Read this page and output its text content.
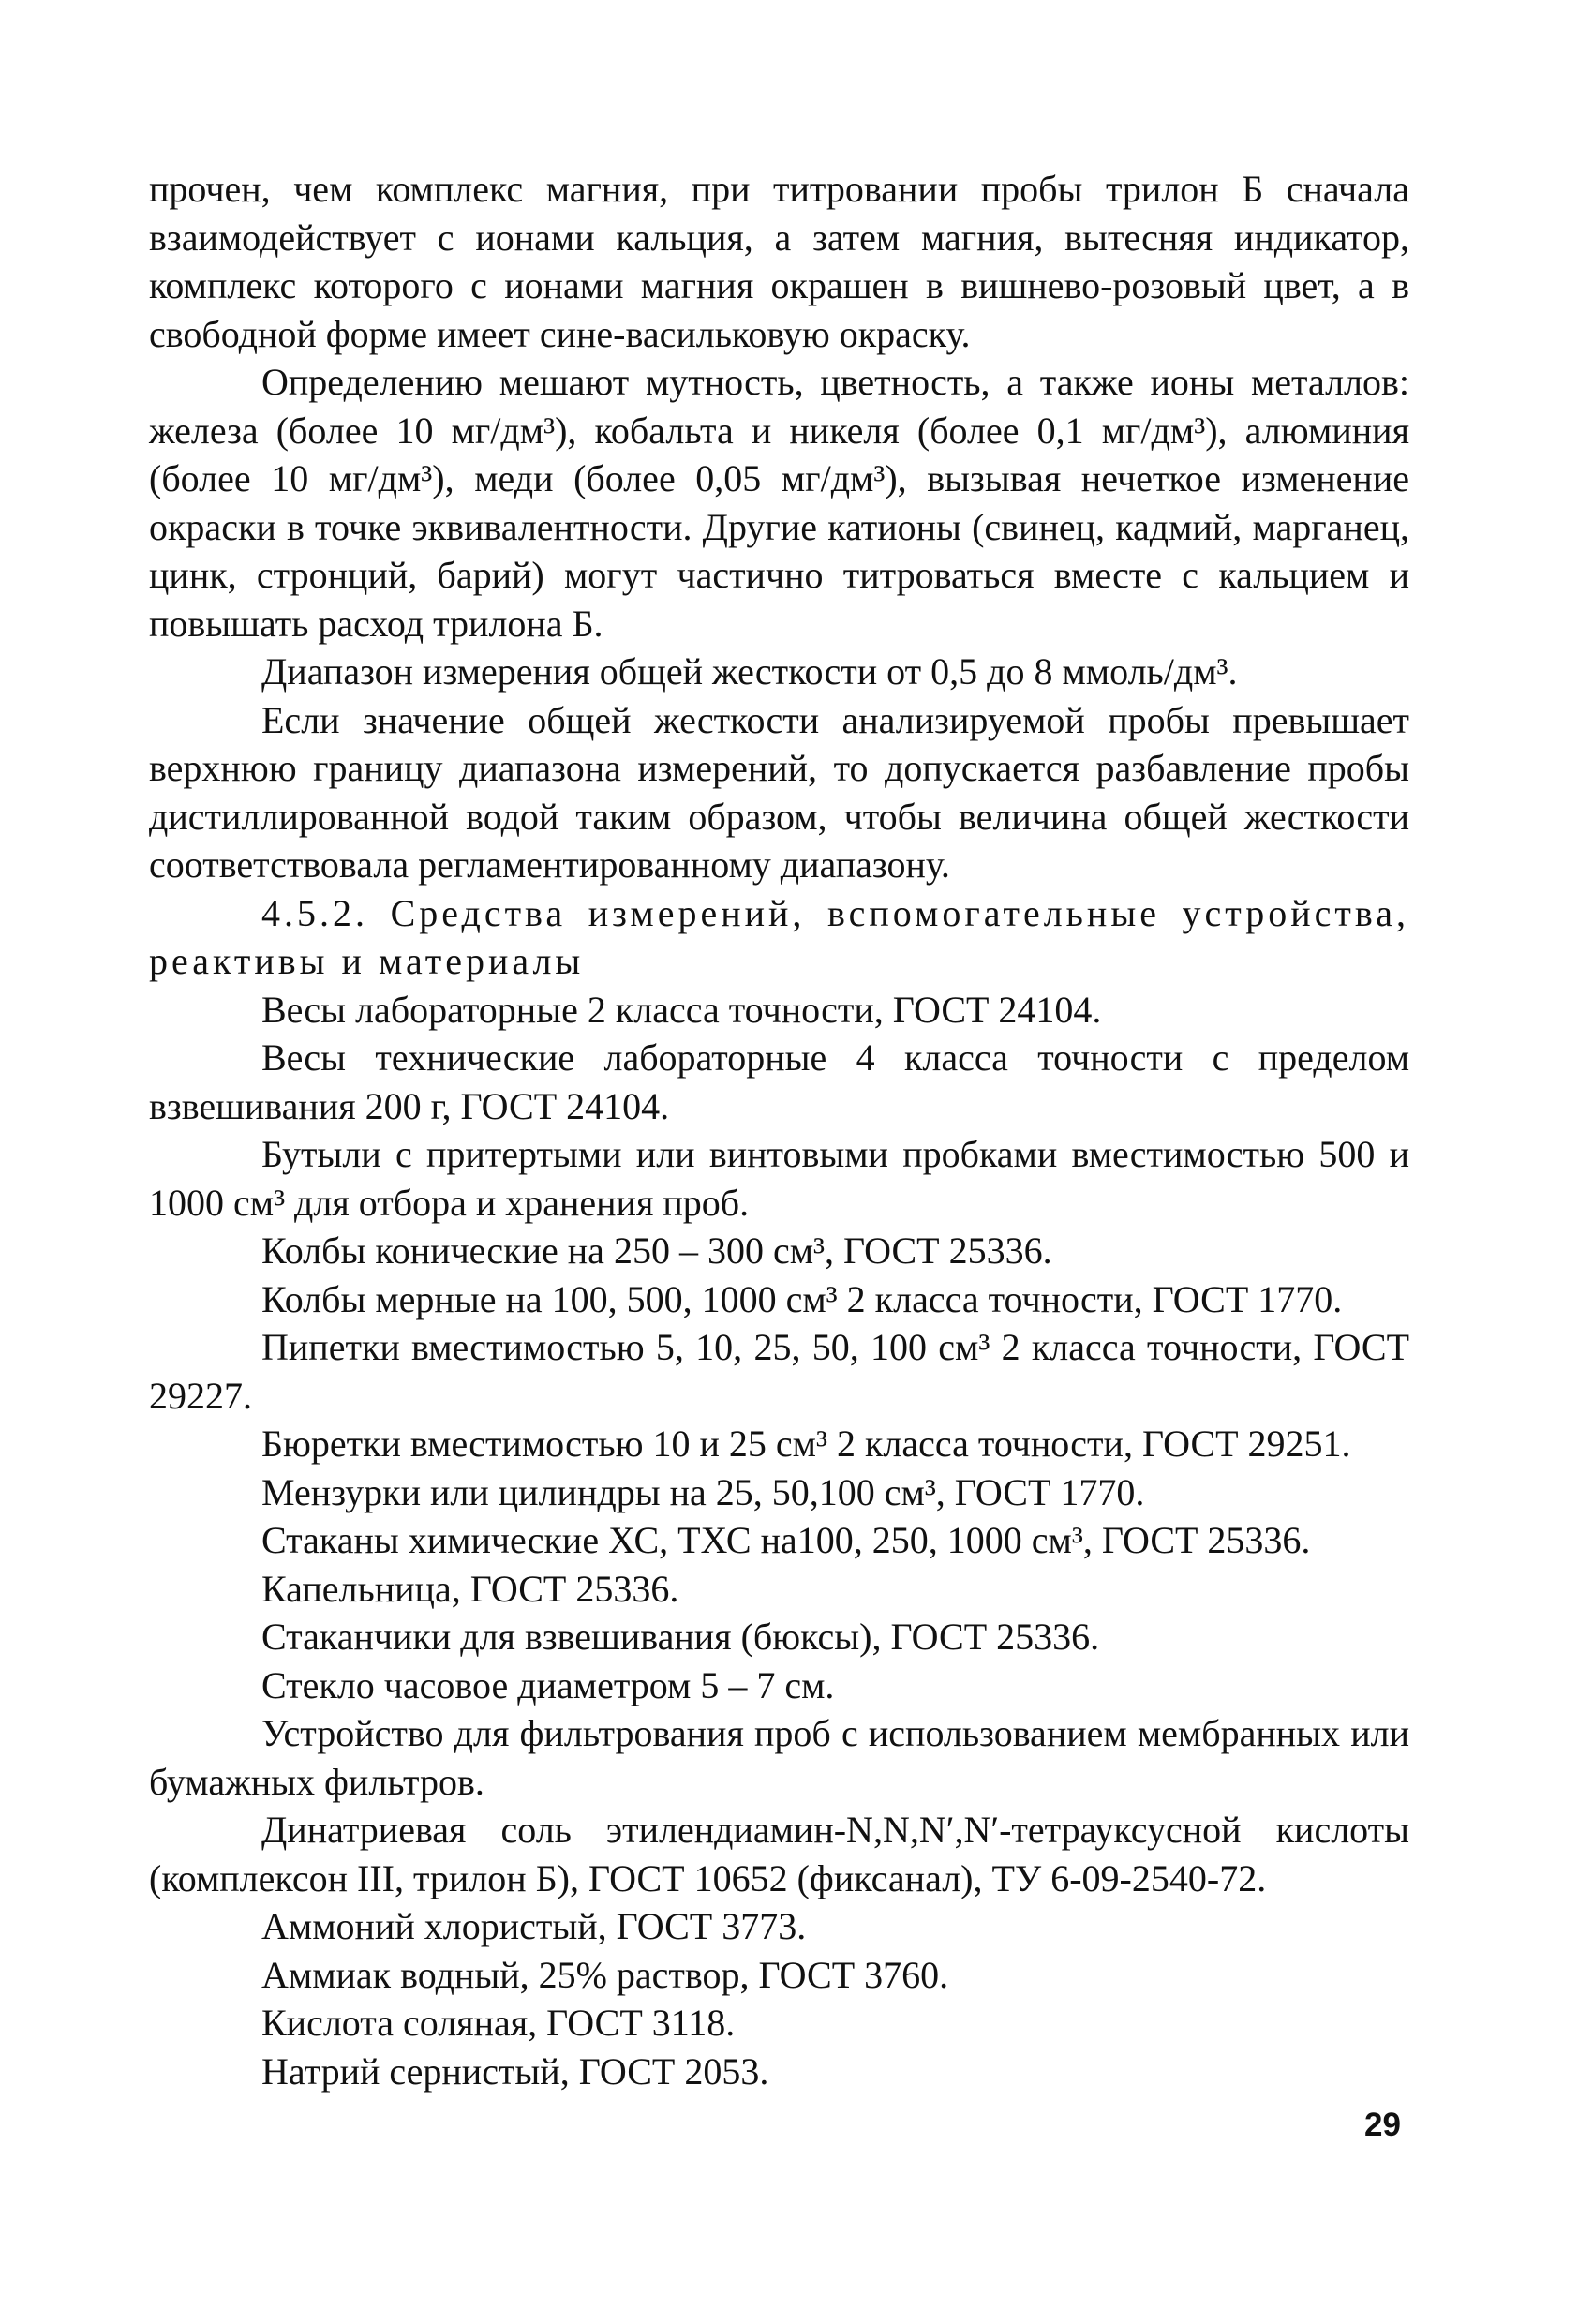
прочен, чем комплекс магния, при титровании пробы трилон Б сначала взаимодействует с ионами кальция, а затем магния, вытесняя индикатор, комплекс которого с ионами магния окрашен в вишнево-розовый цвет, а в свободной форме имеет сине-васильковую окраску.

Определению мешают мутность, цветность, а также ионы металлов: железа (более 10 мг/дм³), кобальта и никеля (более 0,1 мг/дм³), алюминия (более 10 мг/дм³), меди (более 0,05 мг/дм³), вызывая нечеткое изменение окраски в точке эквивалентности. Другие катионы (свинец, кадмий, марганец, цинк, стронций, барий) могут частично титроваться вместе с кальцием и повышать расход трилона Б.

Диапазон измерения общей жесткости от 0,5 до 8 ммоль/дм³.

Если значение общей жесткости анализируемой пробы превышает верхнюю границу диапазона измерений, то допускается разбавление пробы дистиллированной водой таким образом, чтобы величина общей жесткости соответствовала регламентированному диапазону.

4.5.2. Средства измерений, вспомогательные устройства, реактивы и материалы

Весы лабораторные 2 класса точности, ГОСТ 24104.

Весы технические лабораторные 4 класса точности с пределом взвешивания 200 г, ГОСТ 24104.

Бутыли с притертыми или винтовыми пробками вместимостью 500 и 1000 см³ для отбора и хранения проб.

Колбы конические на 250 – 300 см³, ГОСТ 25336.

Колбы мерные на 100, 500, 1000 см³ 2 класса точности, ГОСТ 1770.

Пипетки вместимостью 5, 10, 25, 50, 100 см³ 2 класса точности, ГОСТ 29227.

Бюретки вместимостью 10 и 25 см³ 2 класса точности, ГОСТ 29251.

Мензурки или цилиндры на 25, 50,100 см³, ГОСТ 1770.

Стаканы химические ХС, ТХС на100, 250, 1000 см³, ГОСТ 25336.

Капельница, ГОСТ 25336.

Стаканчики для взвешивания (бюксы), ГОСТ 25336.

Стекло часовое диаметром 5 – 7 см.

Устройство для фильтрования проб с использованием мембранных или бумажных фильтров.

Динатриевая соль этилендиамин-N,N,N′,N′-тетрауксусной кислоты (комплексон III, трилон Б), ГОСТ 10652 (фиксанал), ТУ 6-09-2540-72.

Аммоний хлористый, ГОСТ 3773.

Аммиак водный, 25% раствор, ГОСТ 3760.

Кислота соляная, ГОСТ 3118.

Натрий сернистый, ГОСТ 2053.

29
